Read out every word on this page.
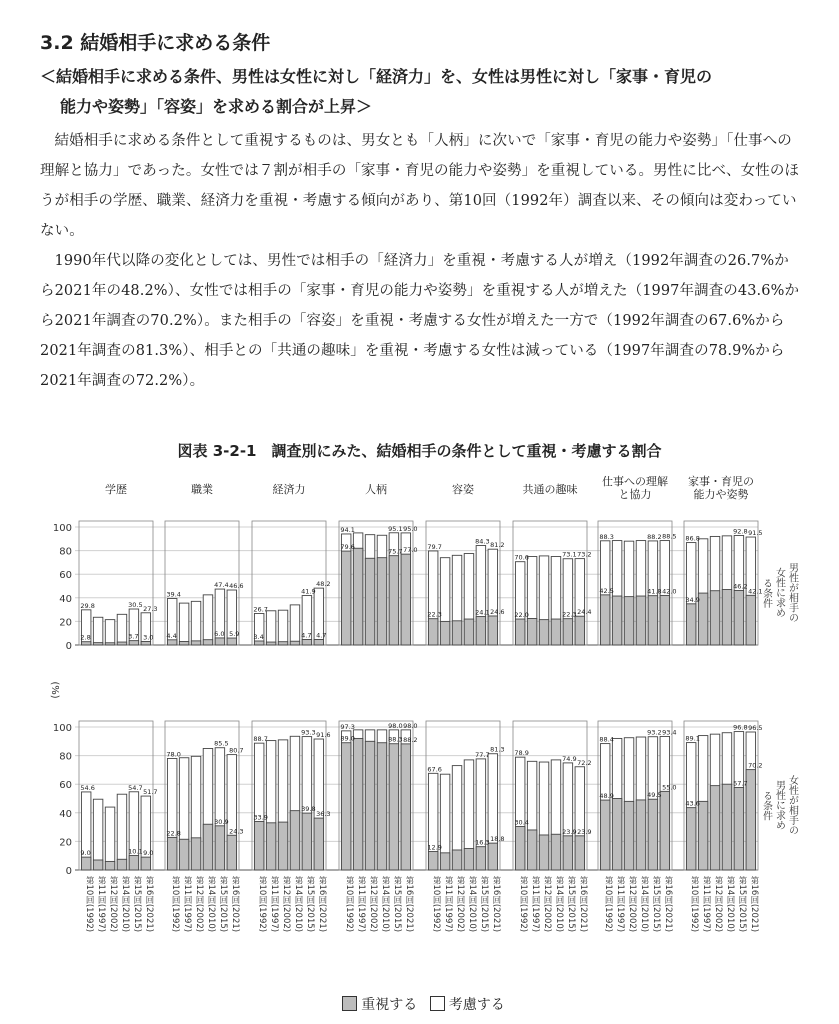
3.2 結婚相手に求める条件
＜結婚相手に求める条件、男性は女性に対し「経済力」を、女性は男性に対し「家事・育児の
能力や姿勢」「容姿」を求める割合が上昇＞

結婚相手に求める条件として重視するものは、男女とも「人柄」に次いで「家事・育児の能力や姿勢」「仕事への理解と協力」であった。女性では７割が相手の「家事・育児の能力や姿勢」を重視している。男性に比べ、女性のほうが相手の学歴、職業、経済力を重視・考慮する傾向があり、第10回（1992年）調査以来、その傾向は変わっていない。

1990年代以降の変化としては、男性では相手の「経済力」を重視・考慮する人が増え（1992年調査の26.7%から2021年の48.2%）、女性では相手の「家事・育児の能力や姿勢」を重視する人が増えた（1997年調査の43.6%から2021年調査の70.2%）。また相手の「容姿」を重視・考慮する女性が増えた一方で（1992年調査の67.6%から2021年調査の81.3%）、相手との「共通の趣味」を重視・考慮する女性は減っている（1997年調査の78.9%から2021年調査の72.2%）。

図表 3-2-1　調査別にみた、結婚相手の条件として重視・考慮する割合
学歴	職業	経済力	人柄	容姿	共通の趣味
仕事への理解
と協力
家事・育児の
能力や姿勢
(%)
0
20
40
60
80
100
男性が相手の
女性に求め
る条件
29.8
2.8
30.5 27.3
3.7 3.0
39.4
4.4
47.4 46.6
6.0 5.9
26.7
3.4
41.9
48.2
4.7 4.7
94.1
79.6
95.1 95.0
75.7 77.0 79.7
22.3
84.3 81.2
24.1 24.6
70.6
22.0
73.1 73.2
22.3 24.4
88.3
42.5
88.2 88.5
41.8 42.0
86.8
34.9
92.8 91.5
46.2
42.1
0
20
40
60
80
100
女性が相手の
男性に求め
る条件
54.6
9.0
54.7
51.7
10.1 9.0
78.0
22.8
85.5
80.7
30.9
24.3
88.7
33.9
93.3 91.6
39.8
36.3
97.3
89.0
98.0 98.0
88.3 88.2
67.6
12.9
77.7
81.3
16.3 18.8
78.9
30.4
74.9 72.2
23.9 23.9
88.4
48.9
93.2 93.4
49.5
55.0
89.1
43.6
96.8 96.5
57.7
70.2
第10回(1992) 第11回(1997) 第12回(2002) 第14回(2010) 第15回(2015) 第16回(2021) 第10回(1992) 第11回(1997) 第12回(2002) 第14回(2010) 第15回(2015) 第16回(2021) 第10回(1992) 第11回(1997) 第12回(2002) 第14回(2010) 第15回(2015) 第16回(2021) 第10回(1992) 第11回(1997) 第12回(2002) 第14回(2010) 第15回(2015) 第16回(2021) 第10回(1992) 第11回(1997) 第12回(2002) 第14回(2010) 第15回(2015) 第16回(2021) 第10回(1992) 第11回(1997) 第12回(2002) 第14回(2010) 第15回(2015) 第16回(2021) 第10回(1992) 第11回(1997) 第12回(2002) 第14回(2010) 第15回(2015) 第16回(2021) 第10回(1992) 第11回(1997) 第12回(2002) 第14回(2010) 第15回(2015) 第16回(2021)
重視する 考慮する
